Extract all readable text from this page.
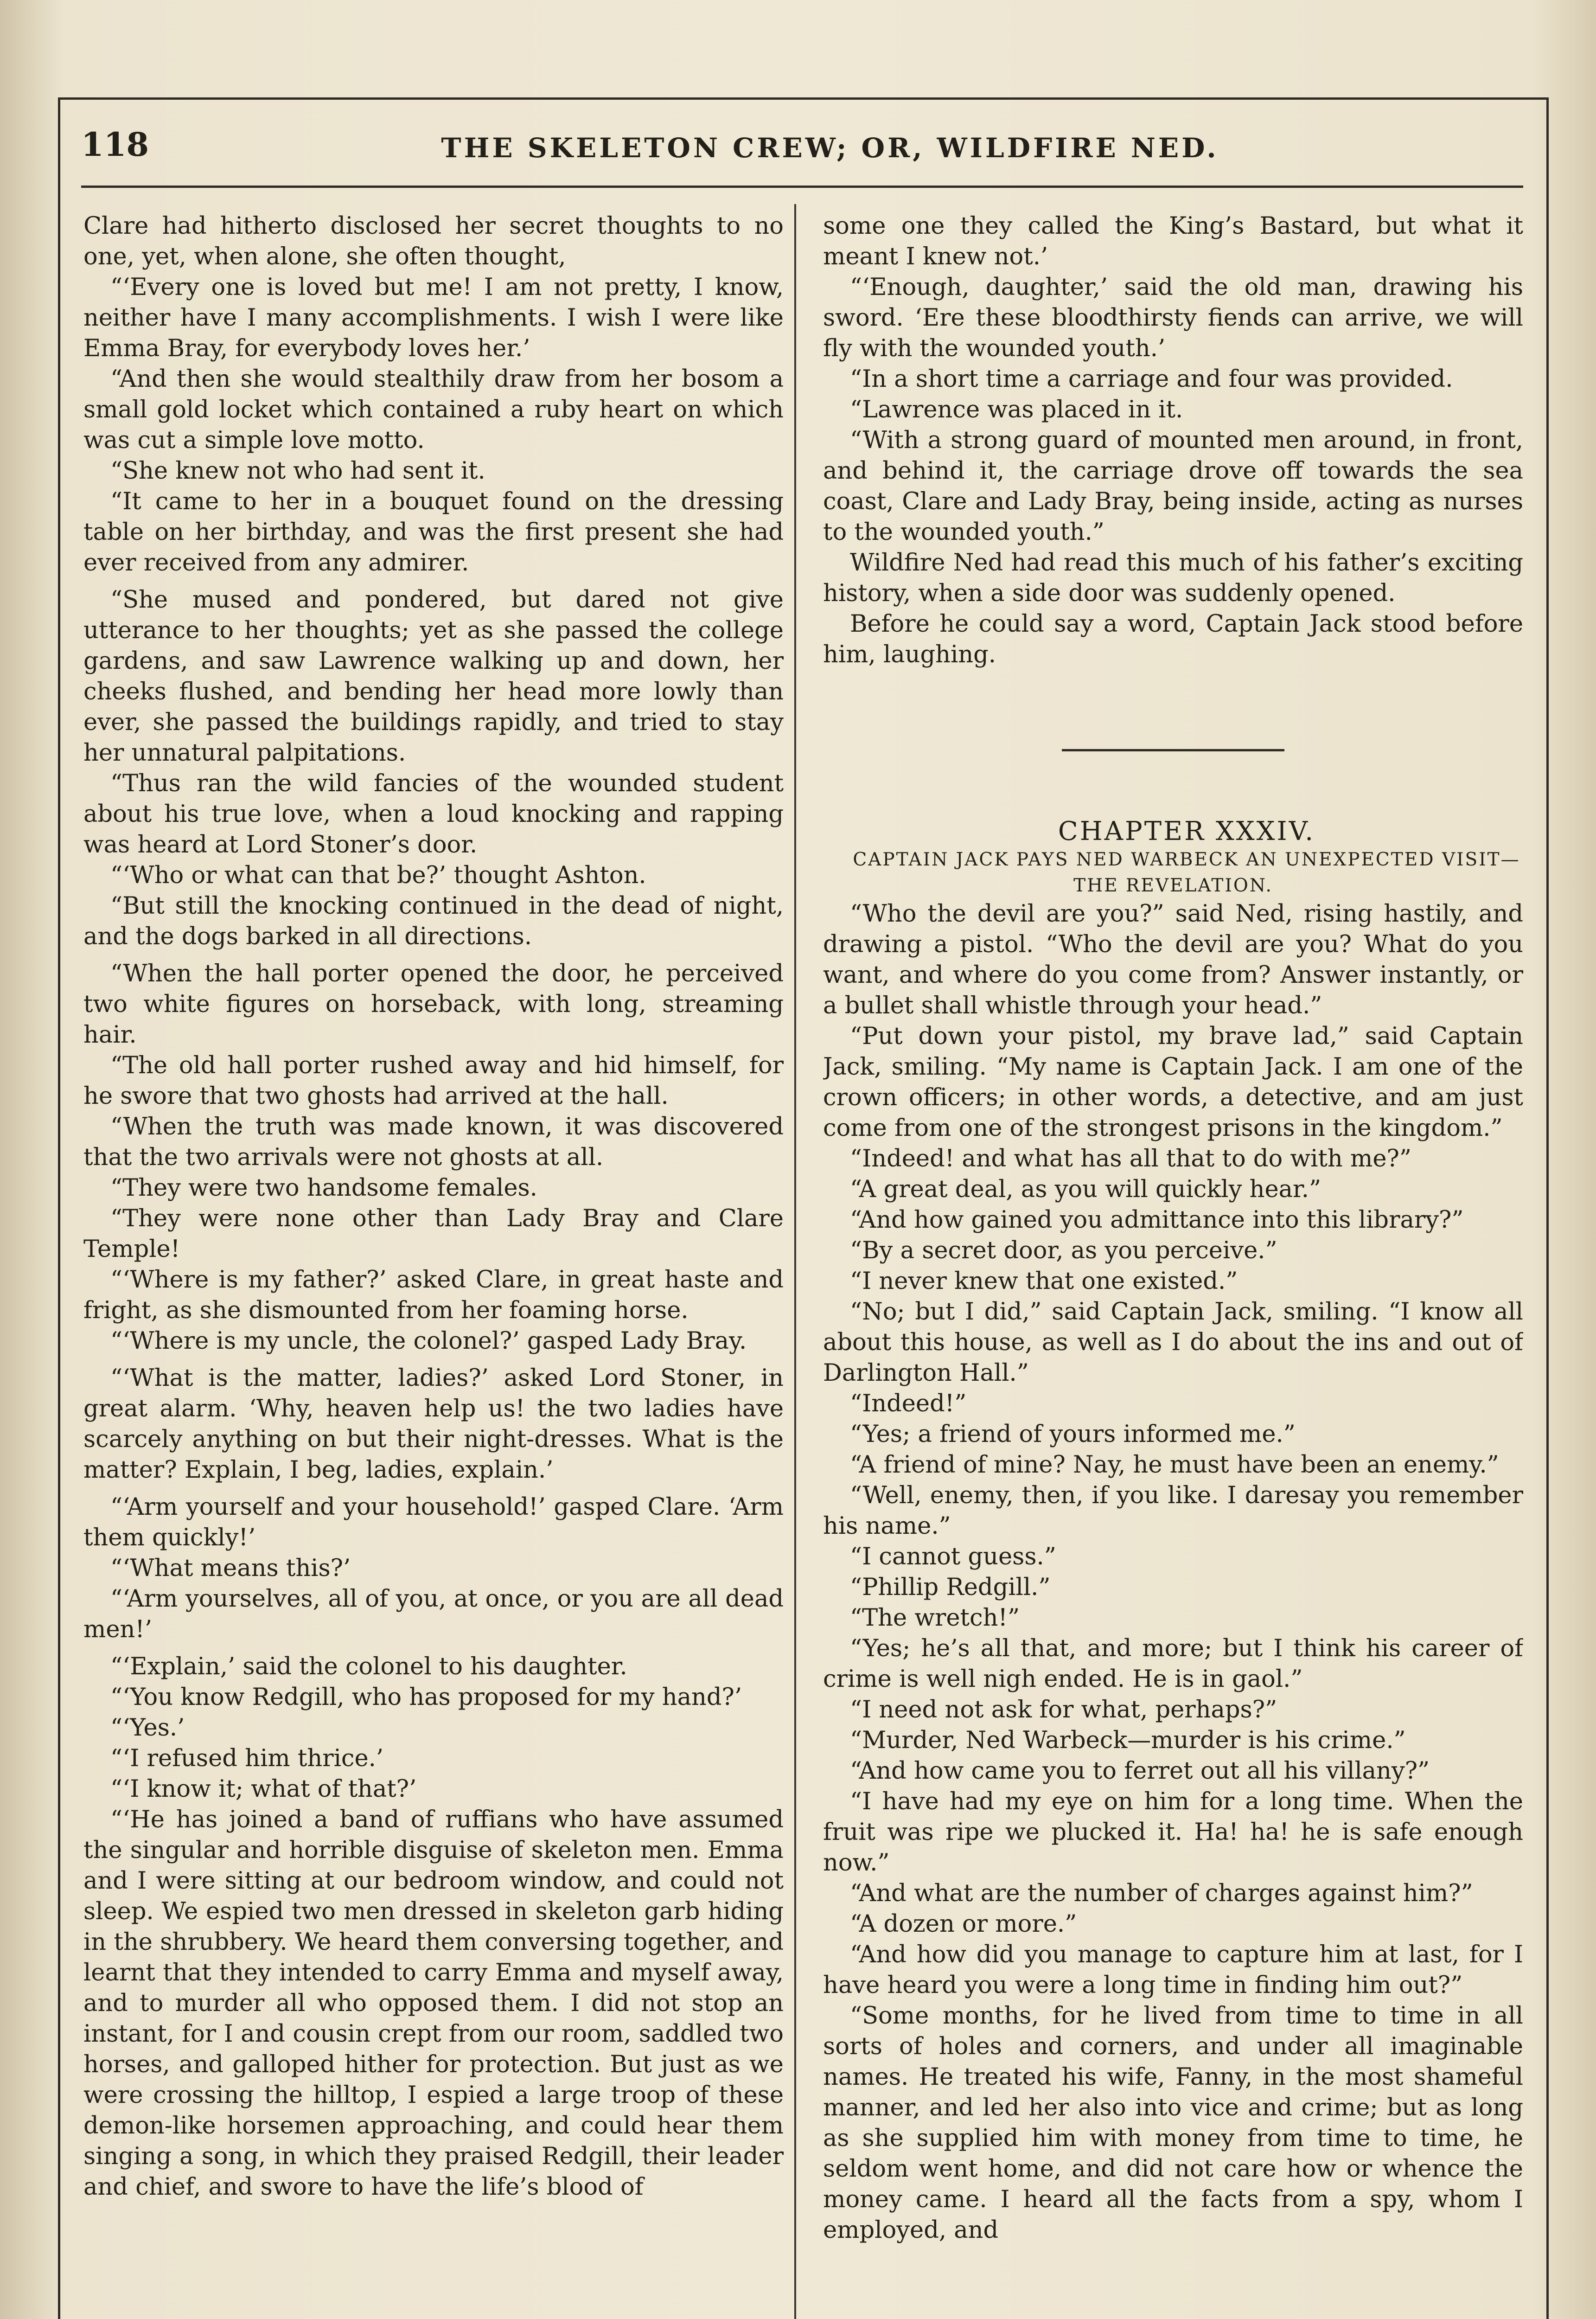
118	THE SKELETON CREW; OR, WILDFIRE NED.

Clare had hitherto disclosed her secret thoughts to no one, yet, when alone, she often thought,

“‘Every one is loved but me! I am not pretty, I know, neither have I many accomplishments. I wish I were like Emma Bray, for everybody loves her.’

“And then she would stealthily draw from her bosom a small gold locket which contained a ruby heart on which was cut a simple love motto.

“She knew not who had sent it.

“It came to her in a bouquet found on the dressing table on her birthday, and was the first present she had ever received from any admirer.

“She mused and pondered, but dared not give utterance to her thoughts; yet as she passed the college gardens, and saw Lawrence walking up and down, her cheeks flushed, and bending her head more lowly than ever, she passed the buildings rapidly, and tried to stay her unnatural palpitations.

“Thus ran the wild fancies of the wounded student about his true love, when a loud knocking and rapping was heard at Lord Stoner’s door.

“‘Who or what can that be?’ thought Ashton.

“But still the knocking continued in the dead of night, and the dogs barked in all directions.

“When the hall porter opened the door, he perceived two white figures on horseback, with long, streaming hair.

“The old hall porter rushed away and hid himself, for he swore that two ghosts had arrived at the hall.

“When the truth was made known, it was discovered that the two arrivals were not ghosts at all.

“They were two handsome females.

“They were none other than Lady Bray and Clare Temple!

“‘Where is my father?’ asked Clare, in great haste and fright, as she dismounted from her foaming horse.

“‘Where is my uncle, the colonel?’ gasped Lady Bray.

“‘What is the matter, ladies?’ asked Lord Stoner, in great alarm. ‘Why, heaven help us! the two ladies have scarcely anything on but their night-dresses. What is the matter? Explain, I beg, ladies, explain.’

“‘Arm yourself and your household!’ gasped Clare. ‘Arm them quickly!’

“‘What means this?’

“‘Arm yourselves, all of you, at once, or you are all dead men!’

“‘Explain,’ said the colonel to his daughter.

“‘You know Redgill, who has proposed for my hand?’

“‘Yes.’

“‘I refused him thrice.’

“‘I know it; what of that?’

“‘He has joined a band of ruffians who have assumed the singular and horrible disguise of skeleton men. Emma and I were sitting at our bedroom window, and could not sleep. We espied two men dressed in skeleton garb hiding in the shrubbery. We heard them conversing together, and learnt that they intended to carry Emma and myself away, and to murder all who opposed them. I did not stop an instant, for I and cousin crept from our room, saddled two horses, and galloped hither for protection. But just as we were crossing the hilltop, I espied a large troop of these demon-like horsemen approaching, and could hear them singing a song, in which they praised Redgill, their leader and chief, and swore to have the life’s blood of

some one they called the King’s Bastard, but what it meant I knew not.’

“‘Enough, daughter,’ said the old man, drawing his sword. ‘Ere these bloodthirsty fiends can arrive, we will fly with the wounded youth.’

“In a short time a carriage and four was provided.

“Lawrence was placed in it.

“With a strong guard of mounted men around, in front, and behind it, the carriage drove off towards the sea coast, Clare and Lady Bray, being inside, acting as nurses to the wounded youth.”

Wildfire Ned had read this much of his father’s exciting history, when a side door was suddenly opened.

Before he could say a word, Captain Jack stood before him, laughing.

CHAPTER XXXIV.

CAPTAIN JACK PAYS NED WARBECK AN UNEXPECTED VISIT—THE REVELATION.

“Who the devil are you?” said Ned, rising hastily, and drawing a pistol. “Who the devil are you? What do you want, and where do you come from? Answer instantly, or a bullet shall whistle through your head.”

“Put down your pistol, my brave lad,” said Captain Jack, smiling. “My name is Captain Jack. I am one of the crown officers; in other words, a detective, and am just come from one of the strongest prisons in the kingdom.”

“Indeed! and what has all that to do with me?”

“A great deal, as you will quickly hear.”

“And how gained you admittance into this library?”

“By a secret door, as you perceive.”

“I never knew that one existed.”

“No; but I did,” said Captain Jack, smiling. “I know all about this house, as well as I do about the ins and out of Darlington Hall.”

“Indeed!”

“Yes; a friend of yours informed me.”

“A friend of mine? Nay, he must have been an enemy.”

“Well, enemy, then, if you like. I daresay you remember his name.”

“I cannot guess.”

“Phillip Redgill.”

“The wretch!”

“Yes; he’s all that, and more; but I think his career of crime is well nigh ended. He is in gaol.”

“I need not ask for what, perhaps?”

“Murder, Ned Warbeck—murder is his crime.”

“And how came you to ferret out all his villany?”

“I have had my eye on him for a long time. When the fruit was ripe we plucked it. Ha! ha! he is safe enough now.”

“And what are the number of charges against him?”

“A dozen or more.”

“And how did you manage to capture him at last, for I have heard you were a long time in finding him out?”

“Some months, for he lived from time to time in all sorts of holes and corners, and under all imaginable names. He treated his wife, Fanny, in the most shameful manner, and led her also into vice and crime; but as long as she supplied him with money from time to time, he seldom went home, and did not care how or whence the money came. I heard all the facts from a spy, whom I employed, and
